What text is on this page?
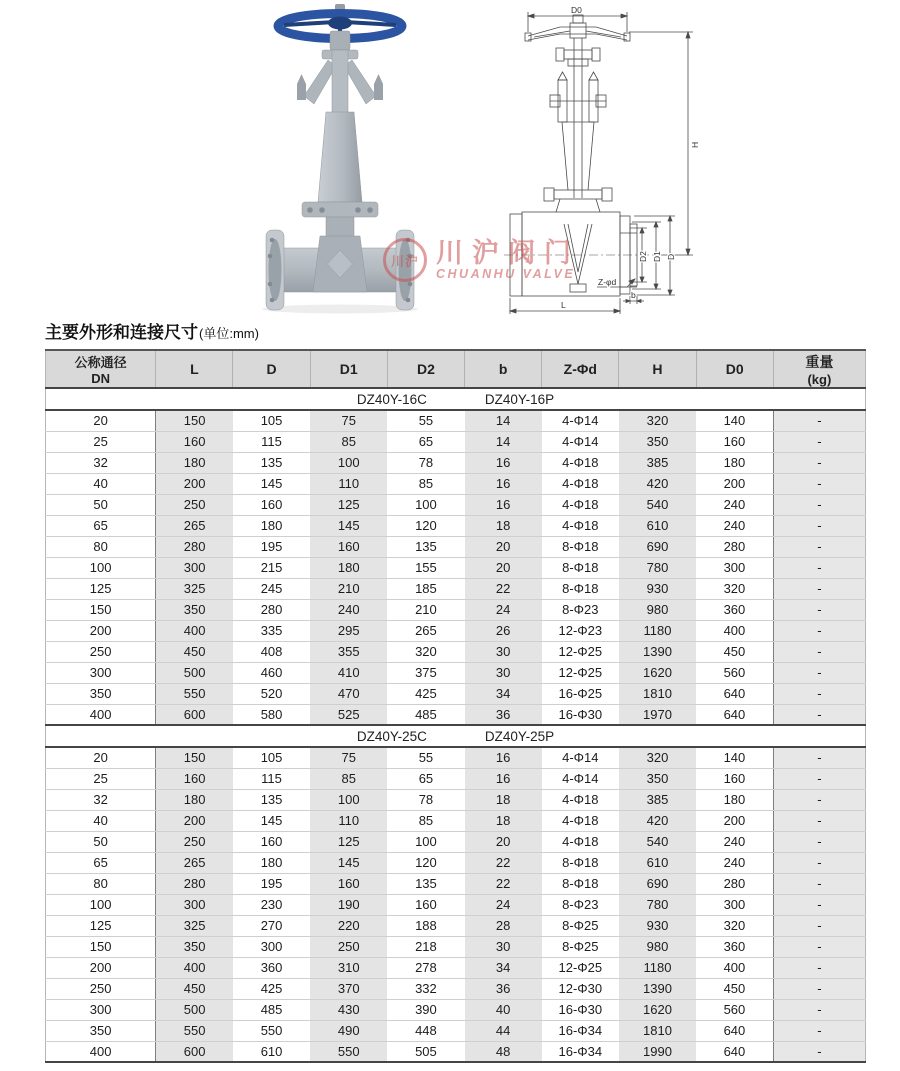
D0
H
D2 D1 D
Z-φd
b
L
川沪 川沪阀门
CHUANHU VALVE
主要外形和连接尺寸 (单位:mm)
公称通径
DN

L	D	D1	D2	b	Z-Φd	H	D0	重量
(kg)

DZ40Y-16C DZ40Y-16P									
20	150	105	75	55	14	4-Φ14	320	140	-
25	160	115	85	65	14	4-Φ14	350	160	-
32	180	135	100	78	16	4-Φ18	385	180	-
40	200	145	110	85	16	4-Φ18	420	200	-
50	250	160	125	100	16	4-Φ18	540	240	-
65	265	180	145	120	18	4-Φ18	610	240	-
80	280	195	160	135	20	8-Φ18	690	280	-
100	300	215	180	155	20	8-Φ18	780	300	-
125	325	245	210	185	22	8-Φ18	930	320	-
150	350	280	240	210	24	8-Φ23	980	360	-
200	400	335	295	265	26	12-Φ23	1180	400	-
250	450	408	355	320	30	12-Φ25	1390	450	-
300	500	460	410	375	30	12-Φ25	1620	560	-
350	550	520	470	425	34	16-Φ25	1810	640	-
400	600	580	525	485	36	16-Φ30	1970	640	-
DZ40Y-25C DZ40Y-25P									
20	150	105	75	55	16	4-Φ14	320	140	-
25	160	115	85	65	16	4-Φ14	350	160	-
32	180	135	100	78	18	4-Φ18	385	180	-
40	200	145	110	85	18	4-Φ18	420	200	-
50	250	160	125	100	20	4-Φ18	540	240	-
65	265	180	145	120	22	8-Φ18	610	240	-
80	280	195	160	135	22	8-Φ18	690	280	-
100	300	230	190	160	24	8-Φ23	780	300	-
125	325	270	220	188	28	8-Φ25	930	320	-
150	350	300	250	218	30	8-Φ25	980	360	-
200	400	360	310	278	34	12-Φ25	1180	400	-
250	450	425	370	332	36	12-Φ30	1390	450	-
300	500	485	430	390	40	16-Φ30	1620	560	-
350	550	550	490	448	44	16-Φ34	1810	640	-
400	600	610	550	505	48	16-Φ34	1990	640	-
